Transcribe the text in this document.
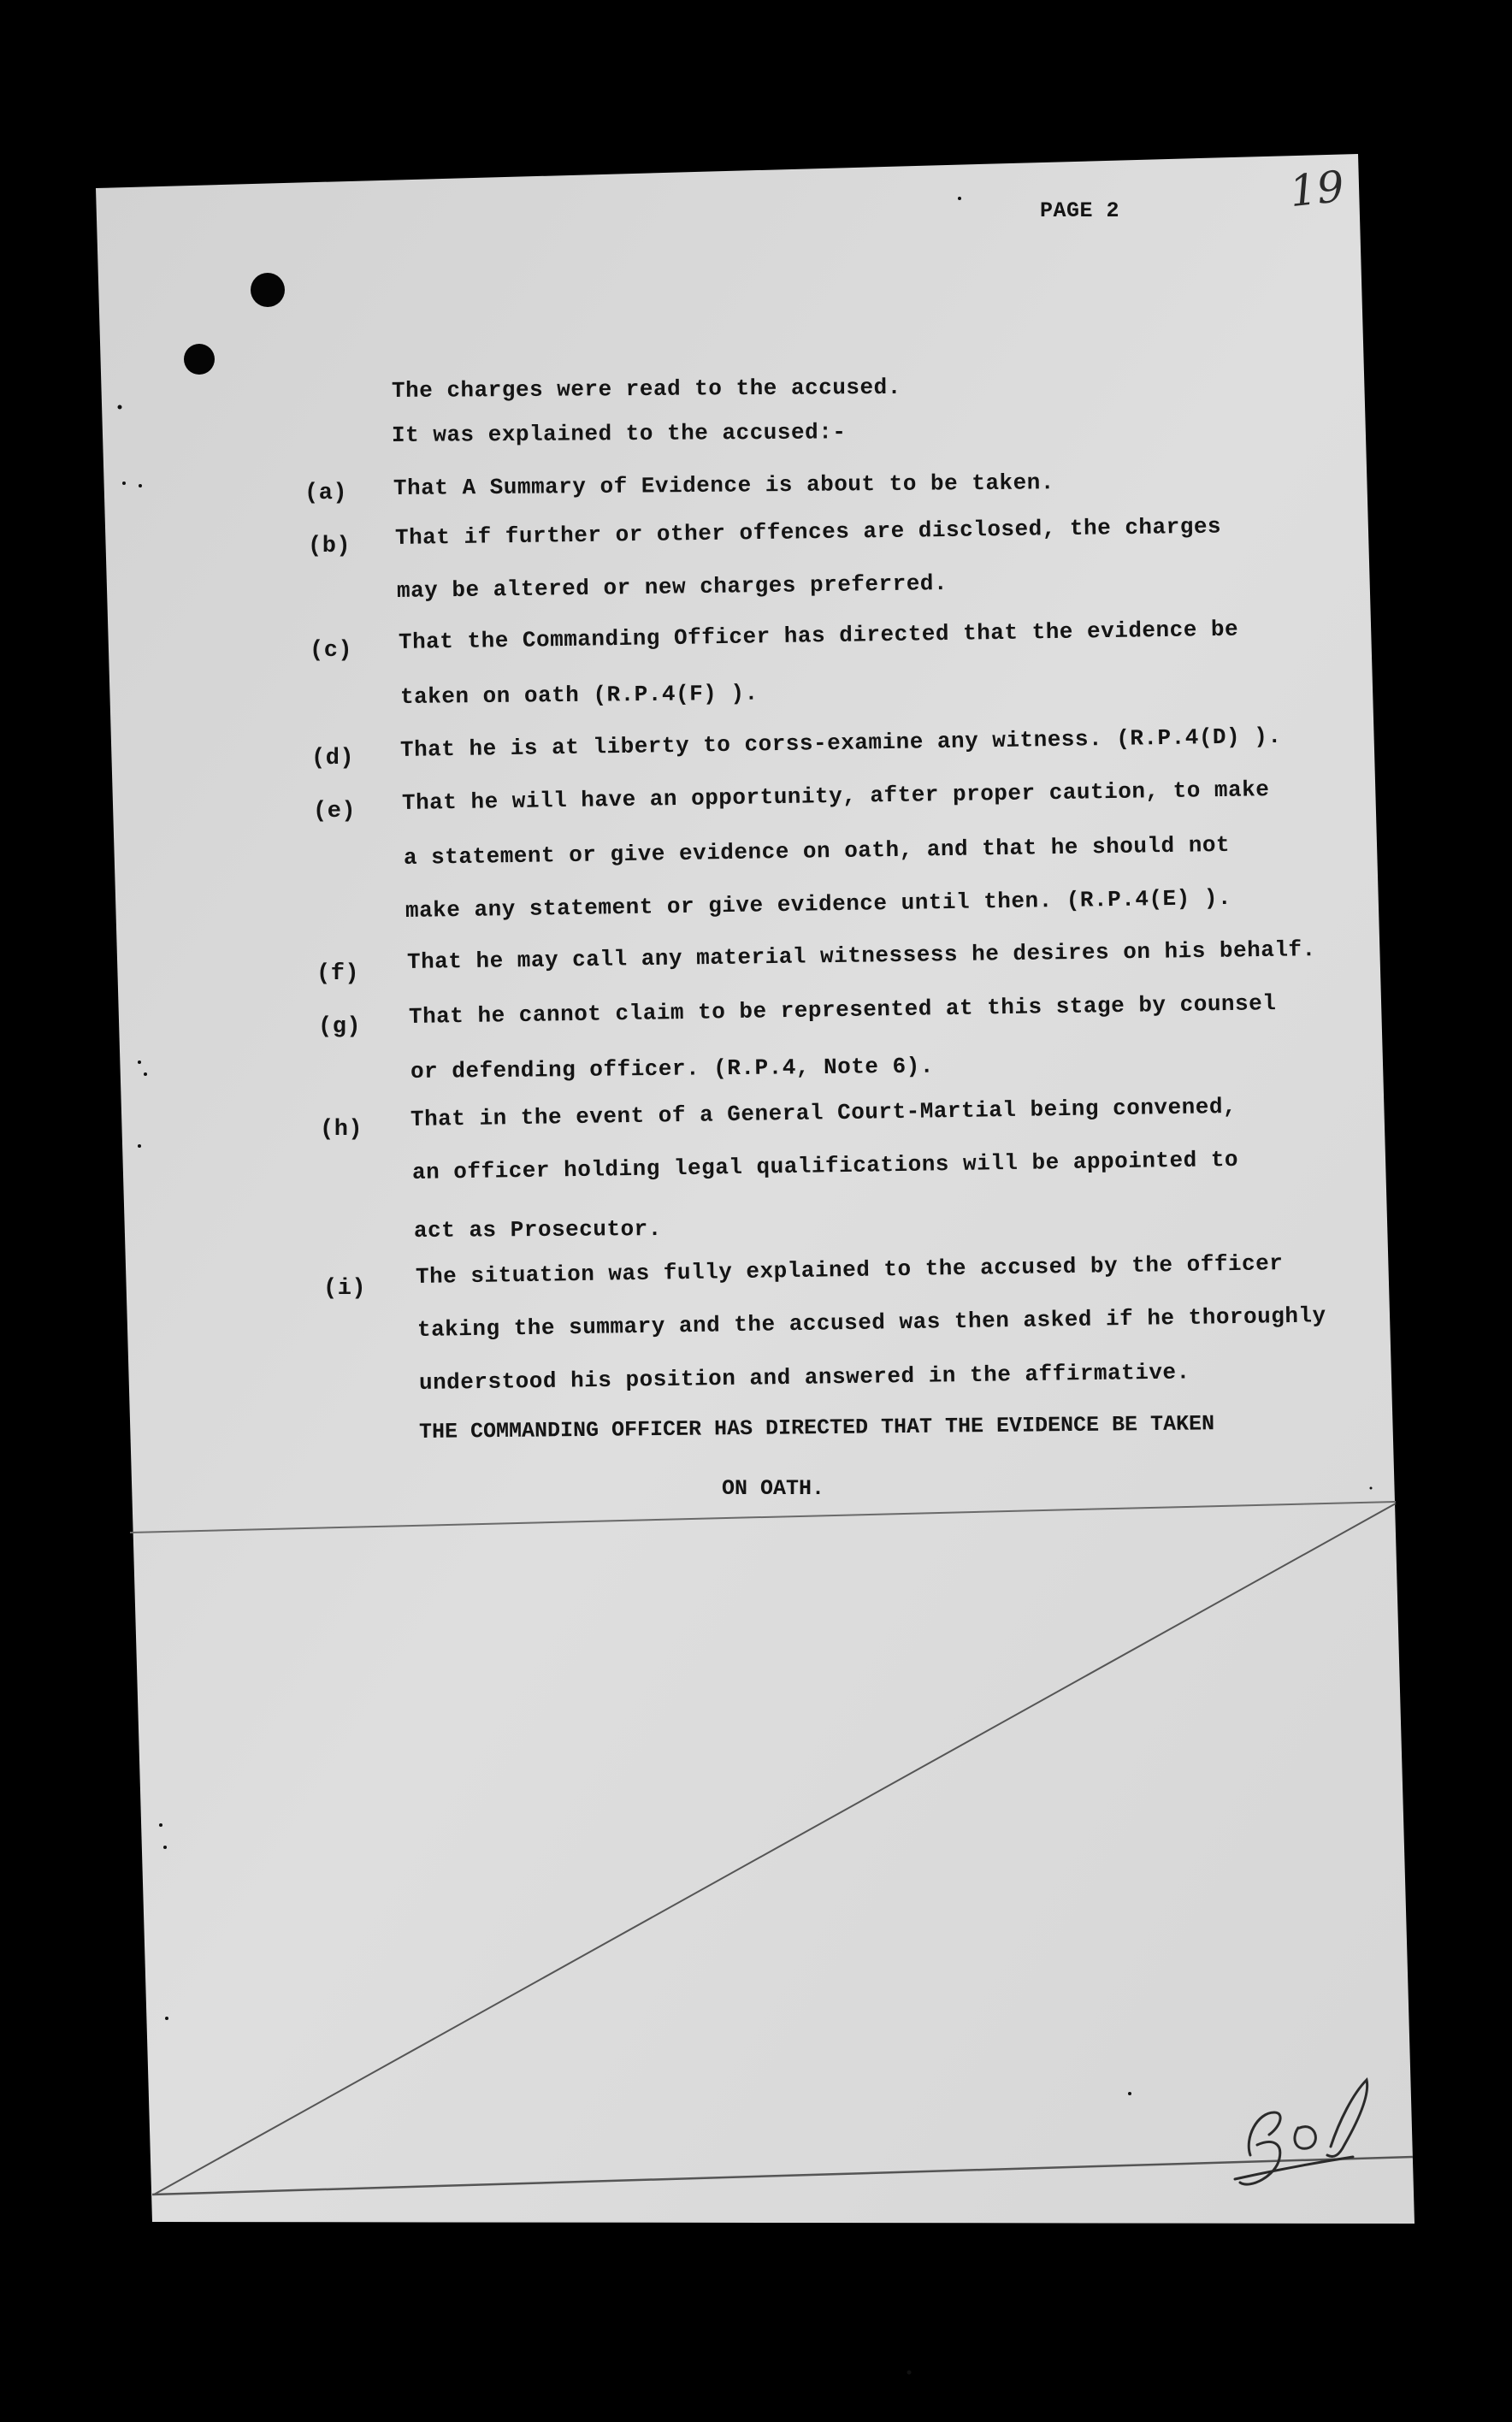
19
PAGE 2
The charges were read to the accused.
It was explained to the accused:-
(a) That A Summary of Evidence is about to be taken.
(b) That if further or other offences are disclosed, the charges
may be altered or new charges preferred.
(c) That the Commanding Officer has directed that the evidence be
taken on oath (R.P.4(F) ).
(d) That he is at liberty to corss-examine any witness. (R.P.4(D) ).
(e) That he will have an opportunity, after proper caution, to make
a statement or give evidence on oath, and that he should not
make any statement or give evidence until then. (R.P.4(E) ).
(f) That he may call any material witnessess he desires on his behalf.
(g) That he cannot claim to be represented at this stage by counsel
or defending officer. (R.P.4, Note 6).
(h) That in the event of a General Court-Martial being convened,
an officer holding legal qualifications will be appointed to
act as Prosecutor.
(i) The situation was fully explained to the accused by the officer
taking the summary and the accused was then asked if he thoroughly
understood his position and answered in the affirmative.
THE COMMANDING OFFICER HAS DIRECTED THAT THE EVIDENCE BE TAKEN
ON OATH.
